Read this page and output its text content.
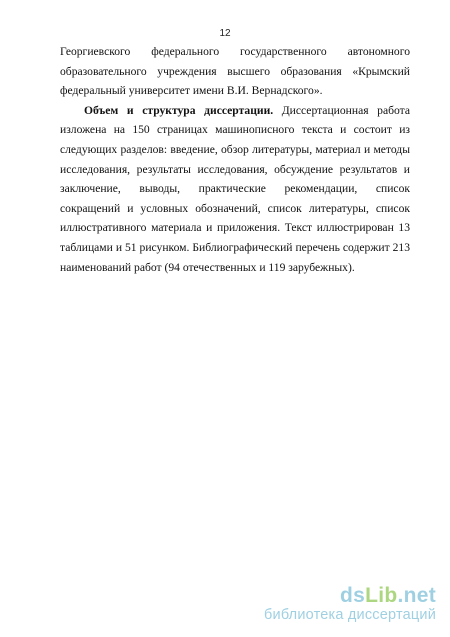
12

Георгиевского федерального государственного автономного образовательного учреждения высшего образования «Крымский федеральный университет имени В.И. Вернадского».

Объем и структура диссертации. Диссертационная работа изложена на 150 страницах машинописного текста и состоит из следующих разделов: введение, обзор литературы, материал и методы исследования, результаты исследования, обсуждение результатов и заключение, выводы, практические рекомендации, список сокращений и условных обозначений, список литературы, список иллюстративного материала и приложения. Текст иллюстрирован 13 таблицами и 51 рисунком. Библиографический перечень содержит 213 наименований работ (94 отечественных и 119 зарубежных).

dsLib.net
библиотека диссертаций
